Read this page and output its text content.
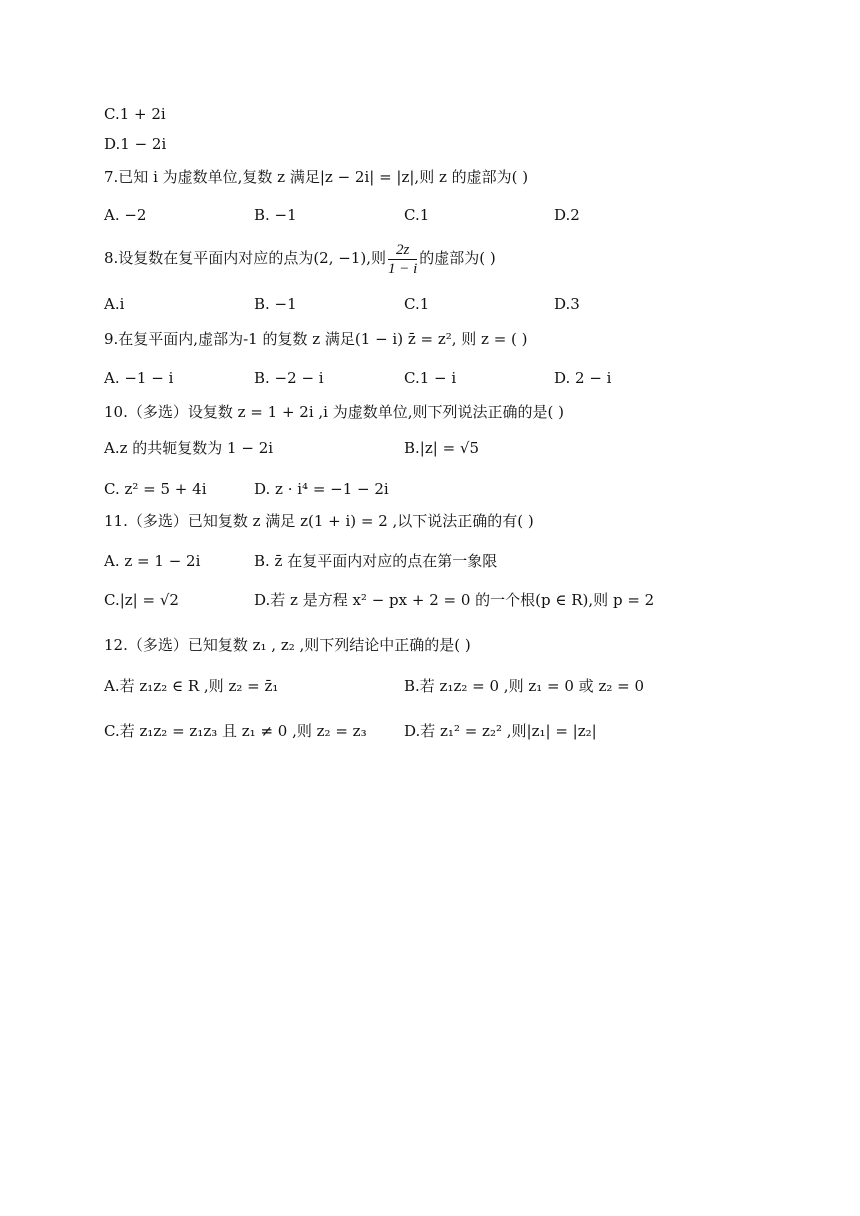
C.1 + 2i
D.1 − 2i
7.已知 i 为虚数单位,复数 z 满足|z − 2i| = |z|,则 z 的虚部为( )
A. −2	B. −1	C.1	D.2
8.设复数在复平面内对应的点为(2, −1),则 $\frac{2z}{1 - i}$ 的虚部为( )
A.i	B. −1	C.1	D.3
9.在复平面内,虚部为-1 的复数 z 满足(1 − i) z̄ = z², 则 z = ( )
A. −1 − i	B. −2 − i	C.1 − i	D. 2 − i
10.（多选）设复数 z = 1 + 2i ,i 为虚数单位,则下列说法正确的是( )
A.z 的共轭复数为 1 − 2i	B.|z| = √5
C. z² = 5 + 4i	D. z · i⁴ = −1 − 2i
11.（多选）已知复数 z 满足 z(1 + i) = 2 ,以下说法正确的有( )
A. z = 1 − 2i	B. z̄ 在复平面内对应的点在第一象限
C.|z| = √2	D.若 z 是方程 x² − px + 2 = 0 的一个根(p ∈ R),则 p = 2
12.（多选）已知复数 z₁ , z₂ ,则下列结论中正确的是( )
A.若 z₁z₂ ∈ R ,则 z₂ = z̄₁	B.若 z₁z₂ = 0 ,则 z₁ = 0 或 z₂ = 0
C.若 z₁z₂ = z₁z₃ 且 z₁ ≠ 0 ,则 z₂ = z₃ D.若 z₁² = z₂² ,则|z₁| = |z₂|
